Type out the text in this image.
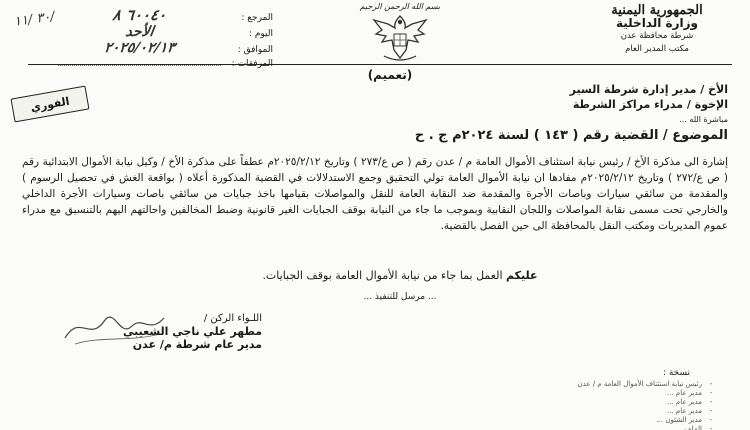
الجمهورية اليمنية
وزارة الداخلية
شرطة محافظة عدن
مكتب المدير العام
بسم الله الرحمن الرحيم
المرجع :
٦٠٠٤٠ ٨
اليوم :
الأحد
الموافق :
٢٠٢٥/٠٢/١٣
المرفقات :
٣٠ /١١/
(تعميم)
الأخ / مدير إدارة شرطة السير
الإخوة / مدراء مراكز الشرطة
مباشرة الله ...
الفوري
الموضوع / القضية رقم ( ١٤٣ ) لسنة ٢٠٢٤م ج . ح

إشارة الى مذكرة الأخ / رئيس نيابة استئناف الأموال العامة م / عدن رقم ( ص ع/٢٧٣ ) وتاريخ ٢٠٢٥/٢/١٢م عطفاً على مذكرة الأخ / وكيل نيابة الأموال الابتدائية رقم ( ص ع/٢٧٢ ) وتاريخ ٢٠٢٥/٢/١٢م مفادها ان نيابة الأموال العامة تولي التحقيق وجمع الاستدلالات في القضية المذكورة أعلاه ( بواقعة الغش في تحصيل الرسوم ) والمقدمة من سائقي سيارات وباصات الأجرة والمقدمة ضد النقابة العامة للنقل والمواصلات بقيامها باخذ جبايات من سائقي باصات وسيارات الأجرة الداخلي والخارجي تحت مسمى نقابة المواصلات واللجان النقابية وبموجب ما جاء من النيابة بوقف الجبايات الغير قانونية وضبط المخالفين واحالتهم اليهم بالتنسيق مع مدراء عموم المديريات ومكتب النقل بالمحافظة الى حين الفصل بالقضية.

عليكم العمل بما جاء من نيابة الأموال العامة بوقف الجبايات.
... مرسل للتنفيذ ...
اللـواء الركن /
مطهر علي ناجي الشعيبي
مدير عام شرطة م/ عدن
نسخة :
-
رئيس نيابة استئناف الأموال العامة م / عدن
-
مدير عام ...
-
مدير عام ...
-
مدير عام ...
-
مدير الشئون ...
-
الملف ...
